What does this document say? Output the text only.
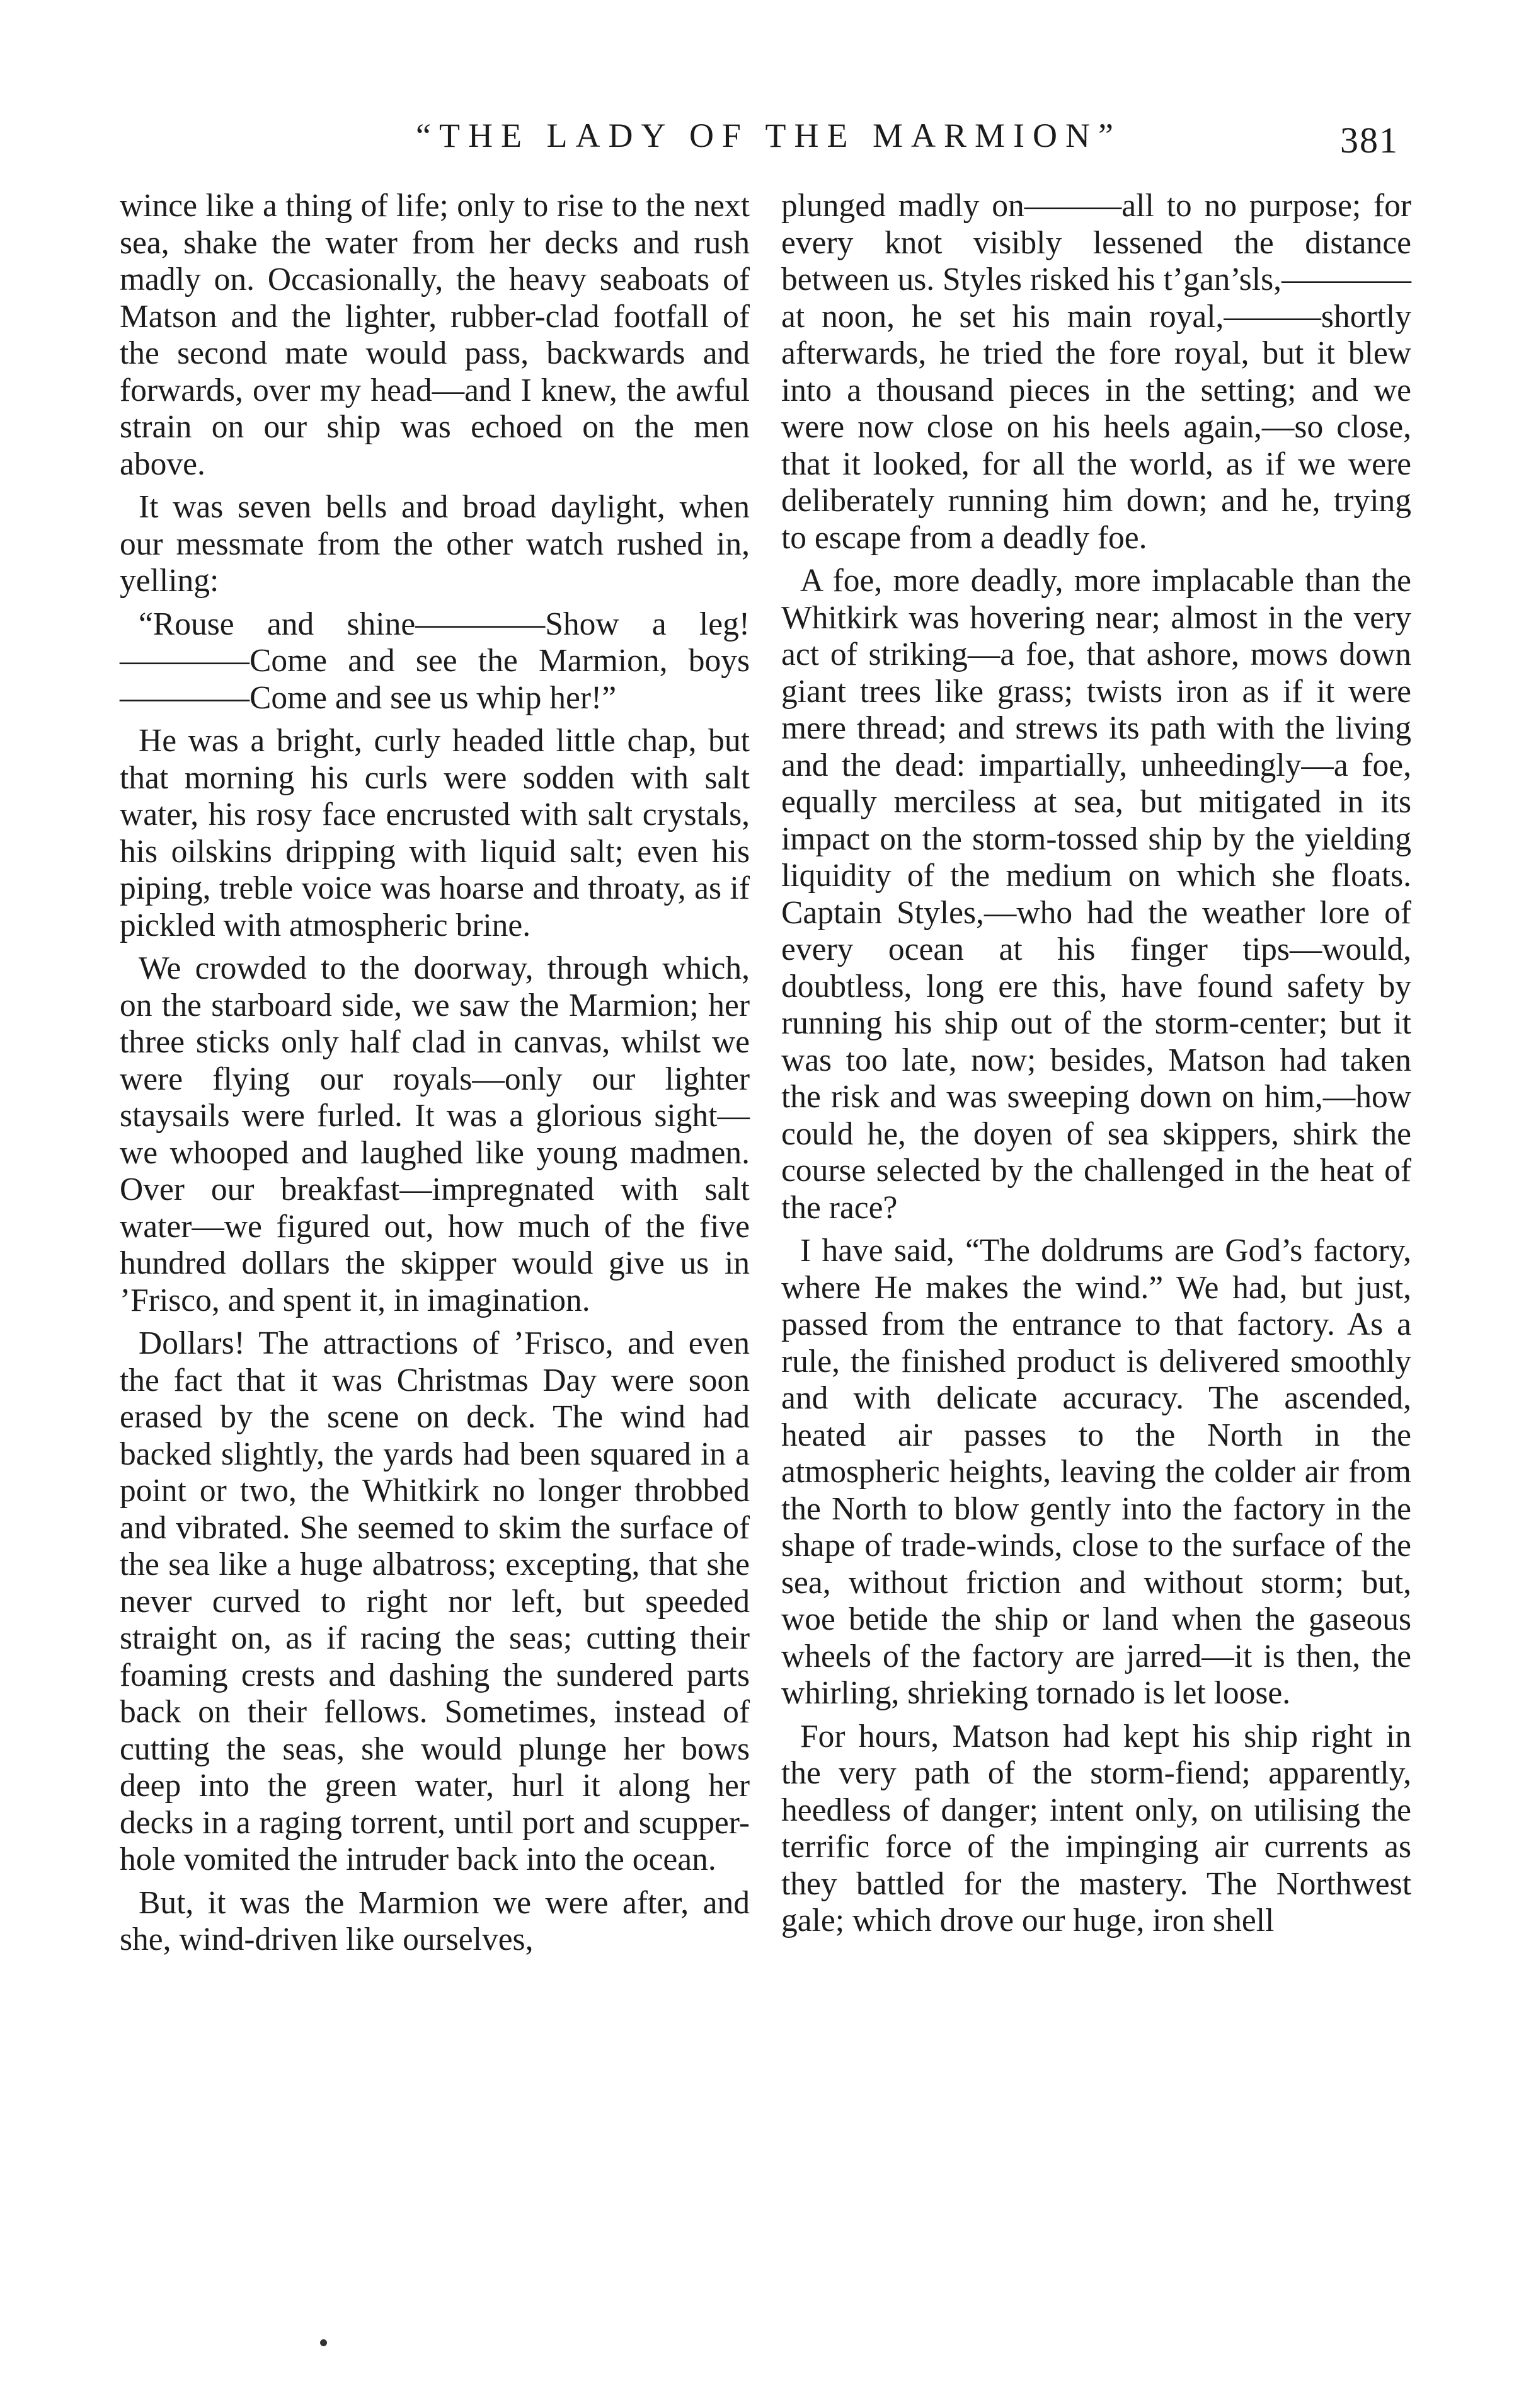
“THE LADY OF THE MARMION”	381

wince like a thing of life; only to rise to the next sea, shake the water from her decks and rush madly on. Occasionally, the heavy seaboats of Matson and the lighter, rubber-clad footfall of the second mate would pass, backwards and forwards, over my head—and I knew, the awful strain on our ship was echoed on the men above.

It was seven bells and broad daylight, when our messmate from the other watch rushed in, yelling:

“Rouse and shine————Show a leg! ————Come and see the Marmion, boys————Come and see us whip her!”

He was a bright, curly headed little chap, but that morning his curls were sodden with salt water, his rosy face encrusted with salt crystals, his oilskins dripping with liquid salt; even his piping, treble voice was hoarse and throaty, as if pickled with atmospheric brine.

We crowded to the doorway, through which, on the starboard side, we saw the Marmion; her three sticks only half clad in canvas, whilst we were flying our royals—only our lighter staysails were furled. It was a glorious sight—we whooped and laughed like young madmen. Over our breakfast—impregnated with salt water—we figured out, how much of the five hundred dollars the skipper would give us in ’Frisco, and spent it, in imagination.

Dollars! The attractions of ’Frisco, and even the fact that it was Christmas Day were soon erased by the scene on deck. The wind had backed slightly, the yards had been squared in a point or two, the Whitkirk no longer throbbed and vibrated. She seemed to skim the surface of the sea like a huge albatross; excepting, that she never curved to right nor left, but speeded straight on, as if racing the seas; cutting their foaming crests and dashing the sundered parts back on their fellows. Sometimes, instead of cutting the seas, she would plunge her bows deep into the green water, hurl it along her decks in a raging torrent, until port and scupper-hole vomited the intruder back into the ocean.

But, it was the Marmion we were after, and she, wind-driven like ourselves,

plunged madly on———all to no purpose; for every knot visibly lessened the distance between us. Styles risked his t’gan’sls,————at noon, he set his main royal,———shortly afterwards, he tried the fore royal, but it blew into a thousand pieces in the setting; and we were now close on his heels again,—so close, that it looked, for all the world, as if we were deliberately running him down; and he, trying to escape from a deadly foe.

A foe, more deadly, more implacable than the Whitkirk was hovering near; almost in the very act of striking—a foe, that ashore, mows down giant trees like grass; twists iron as if it were mere thread; and strews its path with the living and the dead: impartially, unheedingly—a foe, equally merciless at sea, but mitigated in its impact on the storm-tossed ship by the yielding liquidity of the medium on which she floats. Captain Styles,—who had the weather lore of every ocean at his finger tips—would, doubtless, long ere this, have found safety by running his ship out of the storm-center; but it was too late, now; besides, Matson had taken the risk and was sweeping down on him,—how could he, the doyen of sea skippers, shirk the course selected by the challenged in the heat of the race?

I have said, “The doldrums are God’s factory, where He makes the wind.” We had, but just, passed from the entrance to that factory. As a rule, the finished product is delivered smoothly and with delicate accuracy. The ascended, heated air passes to the North in the atmospheric heights, leaving the colder air from the North to blow gently into the factory in the shape of trade-winds, close to the surface of the sea, without friction and without storm; but, woe betide the ship or land when the gaseous wheels of the factory are jarred—it is then, the whirling, shrieking tornado is let loose.

For hours, Matson had kept his ship right in the very path of the storm-fiend; apparently, heedless of danger; intent only, on utilising the terrific force of the impinging air currents as they battled for the mastery. The Northwest gale; which drove our huge, iron shell
